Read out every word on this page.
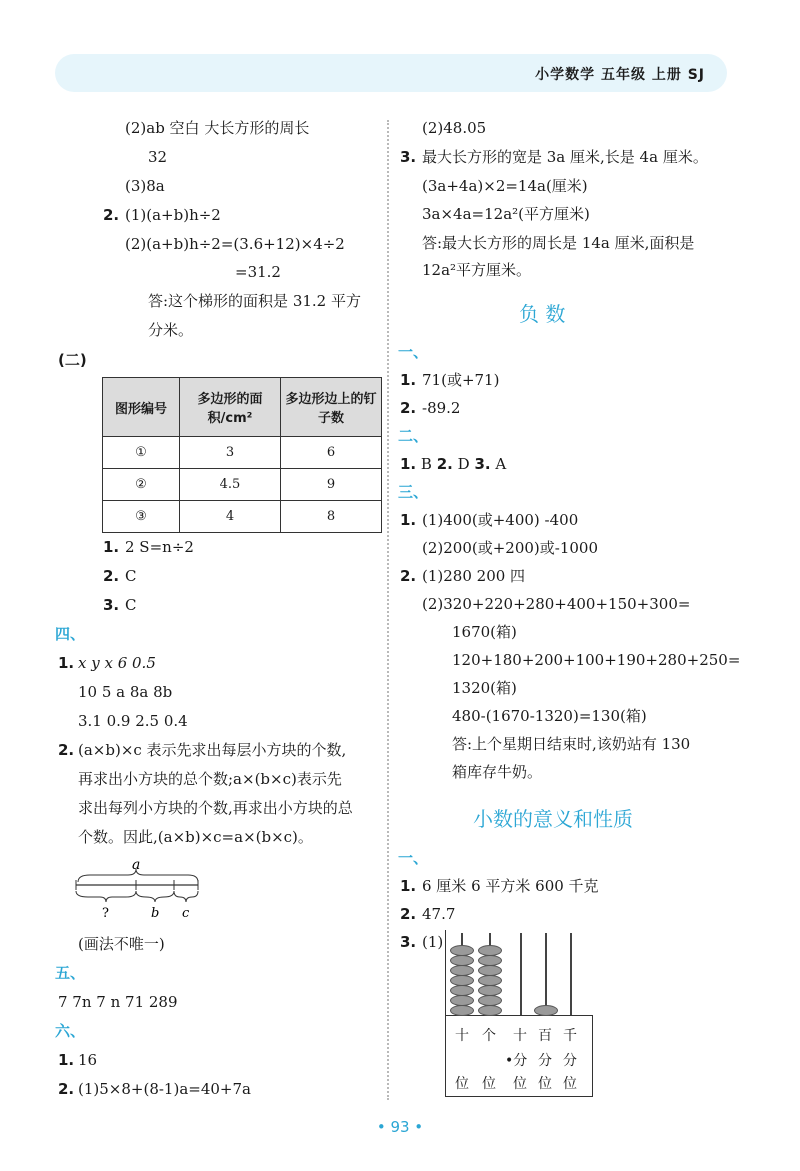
小学数学 五年级 上册 SJ
(2)ab 空白 大长方形的周长
32
(3)8a
2. (1)(a+b)h÷2
(2)(a+b)h÷2=(3.6+12)×4÷2
=31.2
答:这个梯形的面积是 31.2 平方
分米。
(二)
图形编号	多边形的面积/cm²	多边形边上的钉子数
①	3	6
②	4.5	9
③	4	8
1. 2 S=n÷2
2. C
3. C
四、
1. x y x 6 0.5
10 5 a 8a 8b
3.1 0.9 2.5 0.4
2. (a×b)×c 表示先求出每层小方块的个数,
再求出小方块的总个数;a×(b×c)表示先
求出每列小方块的个数,再求出小方块的总
个数。因此,(a×b)×c=a×(b×c)。
a
?	b c
(画法不唯一)
五、
7 7n 7 n 71 289
六、
1. 16
2. (1)5×8+(8-1)a=40+7a
(2)48.05
3. 最大长方形的宽是 3a 厘米,长是 4a 厘米。
(3a+4a)×2=14a(厘米)
3a×4a=12a²(平方厘米)
答:最大长方形的周长是 14a 厘米,面积是
12a²平方厘米。
负 数
一、
1. 71(或+71)
2. -89.2
二、
1. B 2. D 3. A
三、
1. (1)400(或+400) -400
(2)200(或+200)或-1000
2. (1)280 200 四
(2)320+220+280+400+150+300=
1670(箱)
120+180+200+100+190+280+250=
1320(箱)
480-(1670-1320)=130(箱)
答:上个星期日结束时,该奶站有 130
箱库存牛奶。
小数的意义和性质
一、
1. 6 厘米 6 平方米 600 千克
2. 47.7
3. (1)
十 个 十 百 千
•分 分 分
位 位 位 位 位
• 93 •
